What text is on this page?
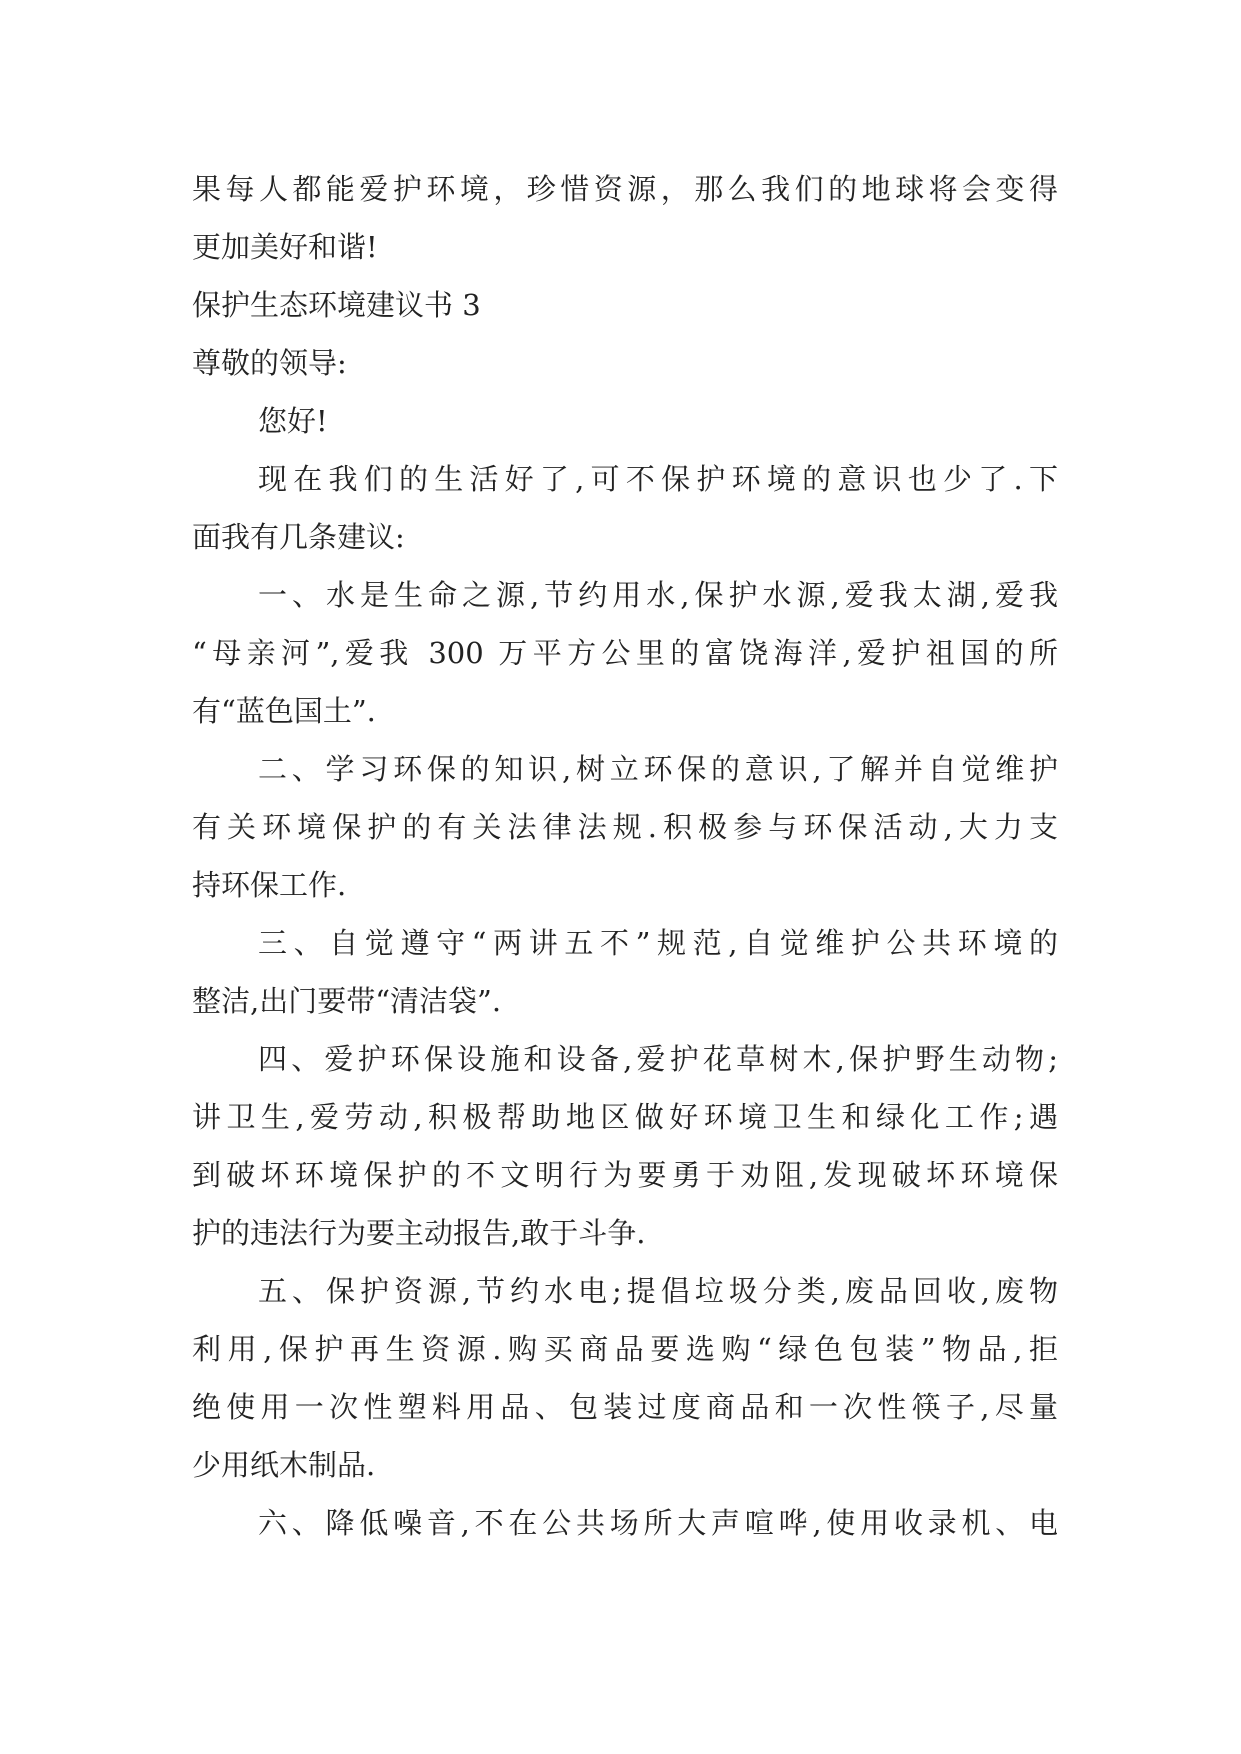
果每人都能爱护环境，珍惜资源，那么我们的地球将会变得

更加美好和谐!

保护生态环境建议书 3

尊敬的领导:

您好!

现在我们的生活好了,可不保护环境的意识也少了.下

面我有几条建议:

一、水是生命之源,节约用水,保护水源,爱我太湖,爱我

“母亲河”,爱我 300 万平方公里的富饶海洋,爱护祖国的所

有“蓝色国土”.

二、学习环保的知识,树立环保的意识,了解并自觉维护

有关环境保护的有关法律法规.积极参与环保活动,大力支

持环保工作.

三、自觉遵守“两讲五不”规范,自觉维护公共环境的

整洁,出门要带“清洁袋”.

四、爱护环保设施和设备,爱护花草树木,保护野生动物;

讲卫生,爱劳动,积极帮助地区做好环境卫生和绿化工作;遇

到破坏环境保护的不文明行为要勇于劝阻,发现破坏环境保

护的违法行为要主动报告,敢于斗争.

五、保护资源,节约水电;提倡垃圾分类,废品回收,废物

利用,保护再生资源.购买商品要选购“绿色包装”物品,拒

绝使用一次性塑料用品、包装过度商品和一次性筷子,尽量

少用纸木制品.

六、降低噪音,不在公共场所大声喧哗,使用收录机、电
